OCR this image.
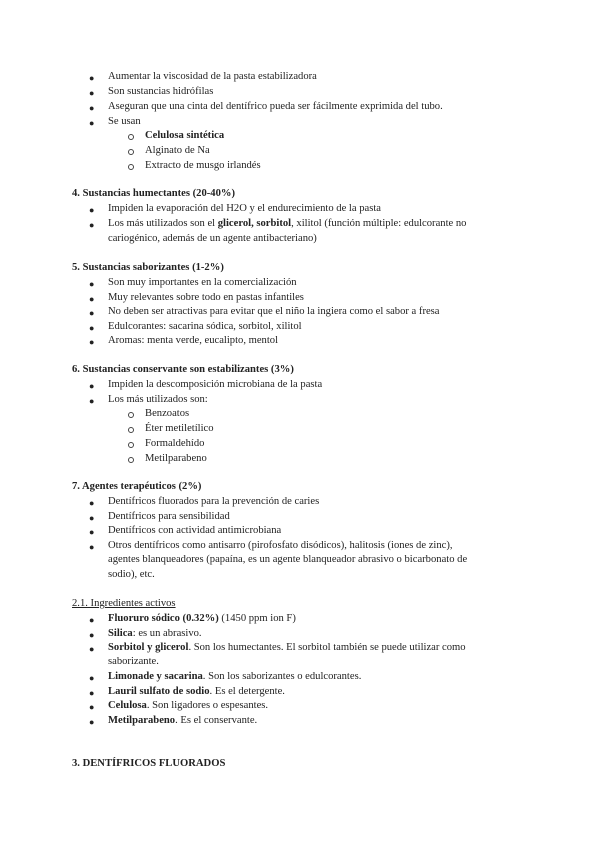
● Aumentar la viscosidad de la pasta estabilizadora
● Son sustancias hidrófilas
● Aseguran que una cinta del dentífrico pueda ser fácilmente exprimida del tubo.
● Se usan
Celulosa sintética
Alginato de Na
Extracto de musgo irlandés
4. Sustancias humectantes (20-40%)
● Impiden la evaporación del H2O y el endurecimiento de la pasta
● Los más utilizados son el glicerol, sorbitol, xilitol (función múltiple: edulcorante no
cariogénico, además de un agente antibacteriano)
5. Sustancias saborizantes (1-2%)
● Son muy importantes en la comercialización
● Muy relevantes sobre todo en pastas infantiles
● No deben ser atractivas para evitar que el niño la ingiera como el sabor a fresa
● Edulcorantes: sacarina sódica, sorbitol, xilitol
● Aromas: menta verde, eucalipto, mentol
6. Sustancias conservante son estabilizantes (3%)
● Impiden la descomposición microbiana de la pasta
● Los más utilizados son:
Benzoatos
Éter metiletílico
Formaldehído
Metilparabeno
7. Agentes terapéuticos (2%)
● Dentífricos fluorados para la prevención de caries
● Dentífricos para sensibilidad
● Dentífricos con actividad antimicrobiana
● Otros dentífricos como antisarro (pirofosfato disódicos), halitosis (iones de zinc),
agentes blanqueadores (papaína, es un agente blanqueador abrasivo o bicarbonato de
sodio), etc.
2.1. Ingredientes activos
● Fluoruro sódico (0.32%) (1450 ppm ion F)
● Silica: es un abrasivo.
● Sorbitol y glicerol. Son los humectantes. El sorbitol también se puede utilizar como
saborizante.
● Limonade y sacarina. Son los saborizantes o edulcorantes.
● Lauril sulfato de sodio. Es el detergente.
● Celulosa. Son ligadores o espesantes.
● Metilparabeno. Es el conservante.
3. DENTÍFRICOS FLUORADOS
